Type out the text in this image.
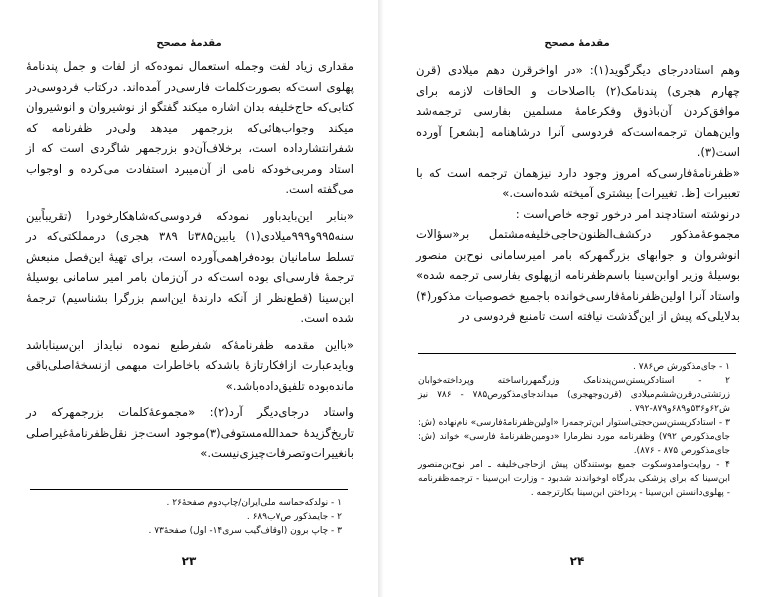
مقدمهٔ مصحح

مقداری زیاد لفت وجمله استعمال نموده‌که از لفات و جمل پندنامهٔ پهلوی است‌که بصورت‌کلمات فارسی‌در آمده‌اند. در‌کتاب فردوسی‌در کتابی‌که حاج‌خلیفه بدان اشاره میکند گفتگو از نوشیروان و انوشیروان میکند وجواب‌هائی‌که بزرجمهر میدهد ولی‌در ظفر‌نامه که شفرانتشارداده است، برخلاف‌آن‌دو بزرجمهر شاگردی است که از استاد ومربی‌خودکه نامی از آن‌میبرد استفادت می‌کرده و اوجواب می‌گفته است.

«بنابر این‌بایدباور نمودکه فردوسی‌که‌شاهکارخودرا (تقریباً‌بین سنه۹۹۵و۹۹۹میلادی(۱)‌ یا‌بین۳۸۵تا ۳۸۹ هجری) درمملکتی‌که در تسلط سامانیان بوده‌فراهمی‌آورده است، برای تهیهٔ این‌فصل منبعش ترجمهٔ فارسی‌ای بوده است‌که در آن‌زمان بامر امیر سامانی بوسیلهٔ ابن‌سینا (قطع‌نظر از آنکه دارندهٔ این‌اسم بزرگرا بشناسیم) ترجمهٔ شده است.

«بااین مقدمه ظفر‌نامهٔ‌که شفرطبع نموده نبایداز ابن‌سیناباشد وبایدعبارت از‌افکارتازهٔ باشدکه باخاطرات مبهمی ازنسخهٔ‌اصلی‌باقی مانده‌بوده تلفیق‌داده‌باشد.»

واستاد درجای‌دیگر آرد(۲): «مجموعهٔ‌کلمات بزرجمهر‌که در تاریخ‌گزیدهٔ حمدالله‌مستوفی(۳)موجود است‌جز نقل‌ظفرنامهٔ‌‌غیراصلی بانغییرات‌وتصرفات‌چیزی‌نیست.»

۱ - نولدکه‌حماسه ملی‌ایران/چاپ‌دوم صفحهٔ۲۶ .

۲ - جایمذکور ص۷ب‌۶۸۹ .

۳ - چاپ برون (اوقاف‌گیب سری۱۴- اول) صفحهٔ‌۷۳ .

۲۳
مقدمهٔ مصحح

وهم استاددرجای دیگرگوید(۱): «در اواخرقرن دهم میلادی (قرن چهارم هجری) پندنامک(۲) بااصلاحات و الحاقات لازمه برای موافق‌کردن آن‌باذوق وفکرعامهٔ مسلمین بفارسی ترجمه‌شد واین‌همان ترجمه‌است‌که فردوسی آنرا درشاهنامه [بشعر] آورده است(۳).

«ظفر‌نامهٔ‌فارسی‌که امروز وجود دارد نیزهمان ترجمه است که با تعبیرات [ظ. تغییرات] بیشتری آمیخته شده‌است.»

درنوشته استادچند امر درخور توجه خاص‌است :

مجموعهٔ‌مذکور درکشف‌الظنون‌حاجی‌خلیفه‌مشتمل بر«سؤالات انوشروان و جوابهای بزرگمهرکه بامر امیرسامانی نوح‌بن منصور بوسیلهٔ وزیر اوابن‌سینا باسم‌ظفرنامه ازپهلوی بفارسی ترجمه شده» واستاد آنرا اولین‌ظفرنامهٔ‌فارسی‌خوانده باجمیع خصوصیات مذکور(۴) بدلایلی‌که پیش از این‌گذشت نیافته است تامنبع فردوسی در

۱ - جای‌مذکورش ص۷۸۶ .

۲ - استاد‌کریستن‌سن‌پندنامک وزرگمهرراساخته وپرداخته‌خوابان زرتشتی‌درقرن‌ششم‌میلادی (قرن‌وجهجری) میداندجای‌مذکورص۷۸۵ - ۷۸۶ نیز ش‌۶۲و۵۳۶و۶۸۹و۸۷۹-۷۹۲ .

۳ - استاد‌کریستن‌سن‌حجتی‌استوار ابن‌ترجمه‌را «اولین‌ظفرنامهٔ‌فارسی» نام‌نهاده (ش: جای‌مذکورص ۷۹۲) وظفرنامه مورد نظرمارا «دومین‌ظفرنامهٔ فارسی» خواند (ش: جای‌مذکورص ۸۷۵ - ۸۷۶).

۴ - روایت‌وامدوسکوت جمیع بوستندگان پیش ازحاجی‌خلیفه ـ امر نوح‌بن‌منصور ابن‌سینا که برای پزشکی بدرگاه او‌خواندند شدبود - وزارت ابن‌سینا - ترجمه‌ظفرنامه - پهلوی‌دانستن ابن‌سینا - پرداختن ابن‌سینا بکارترجمه .

۲۴
